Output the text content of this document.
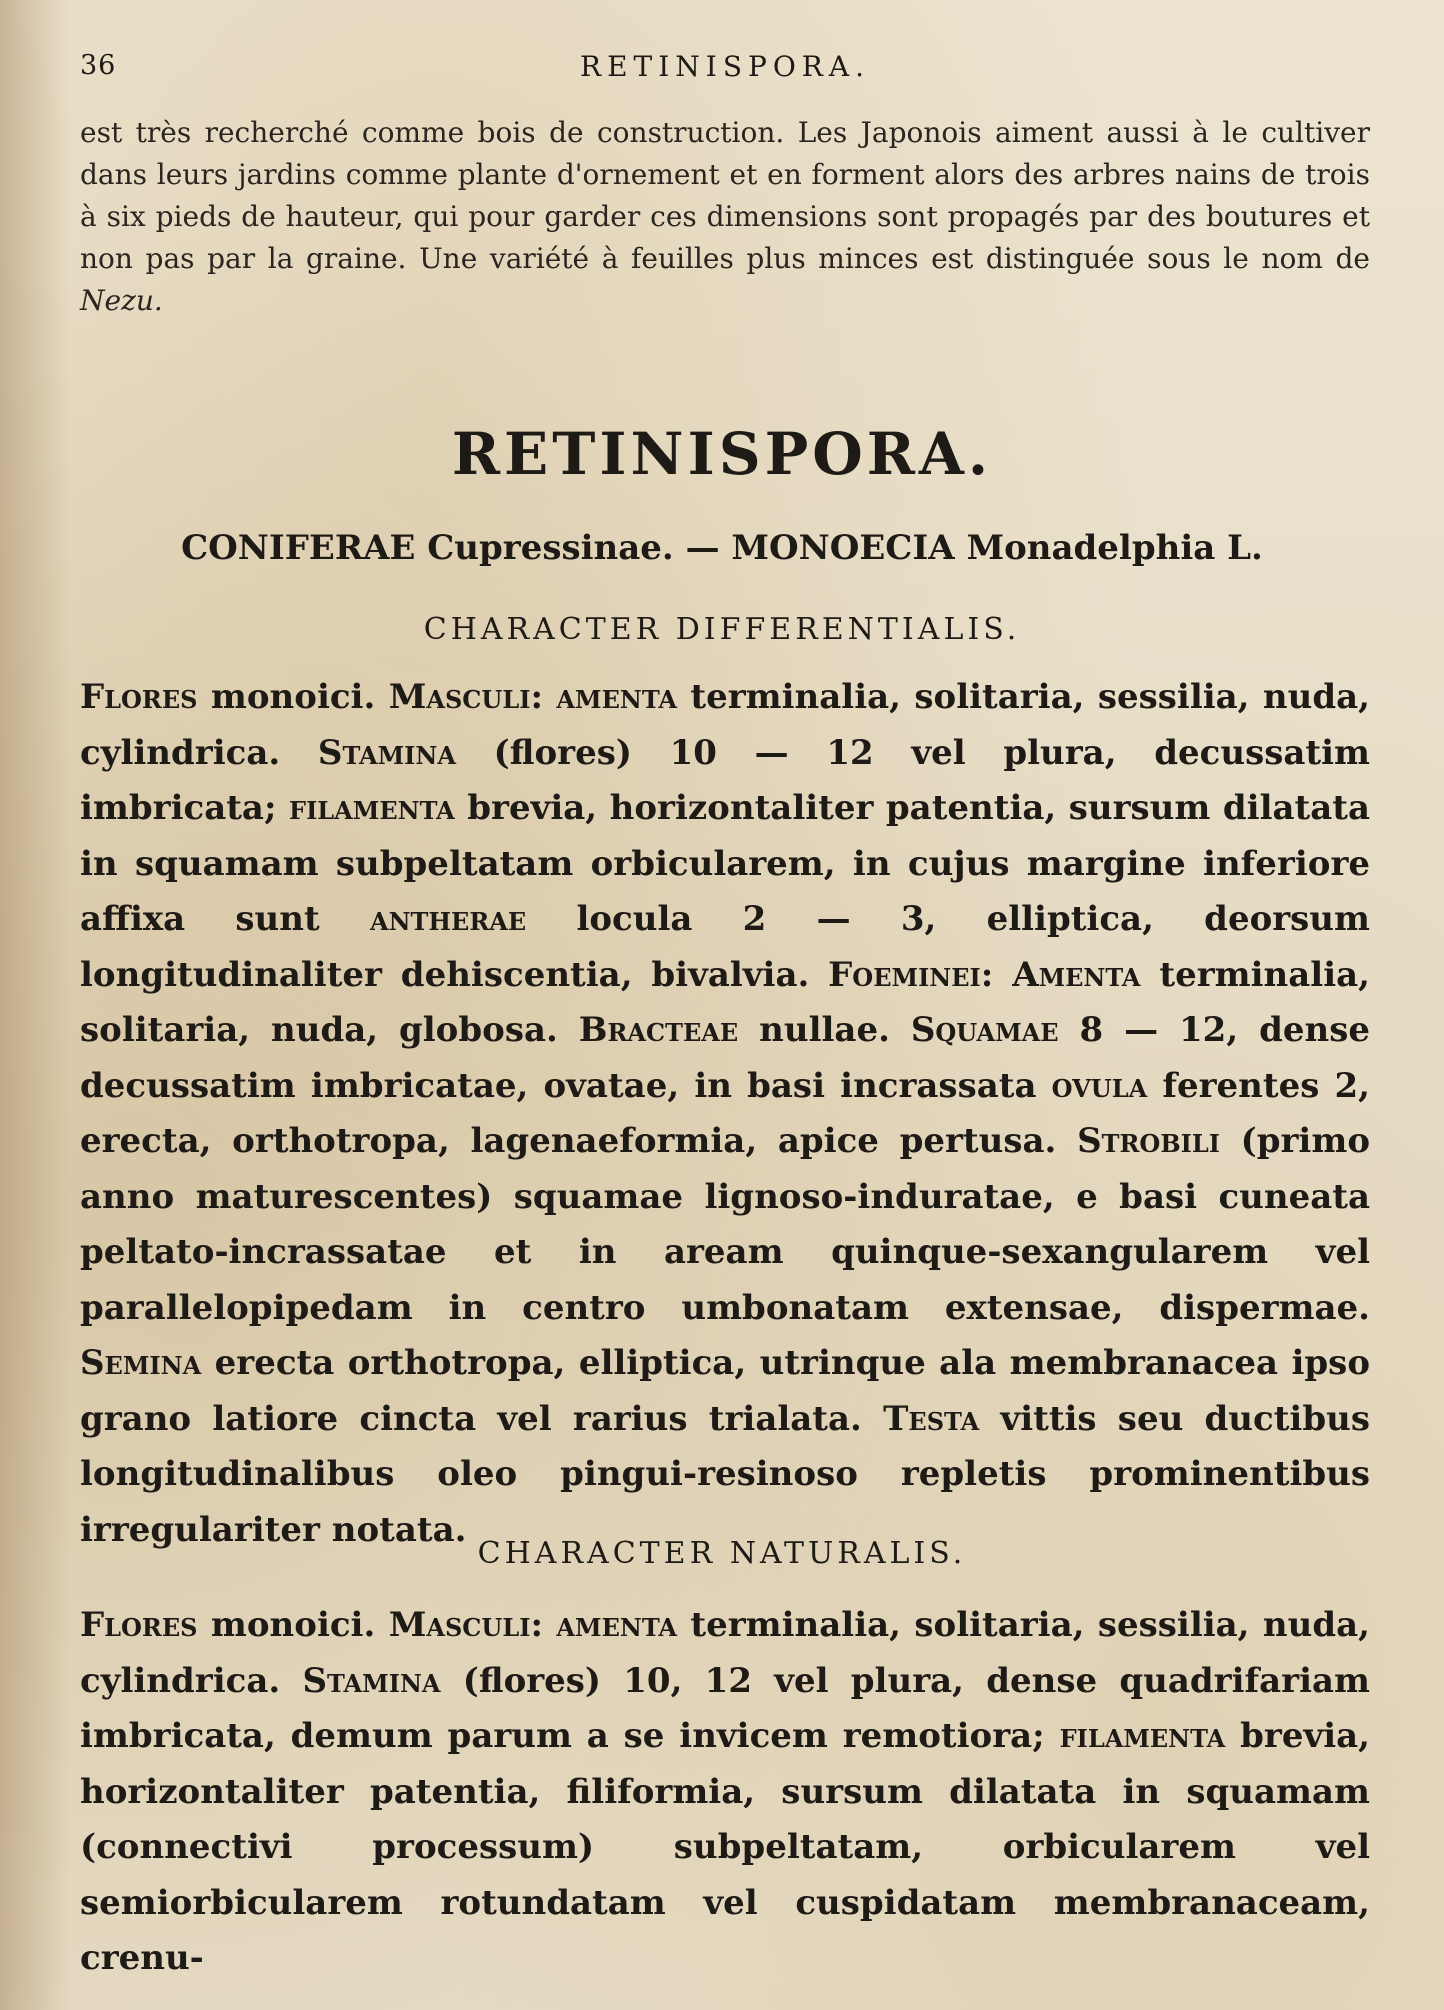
36	RETINISPORA.
est très recherché comme bois de construction. Les Japonois aiment aussi à le cultiver dans leurs jardins comme plante d'ornement et en forment alors des arbres nains de trois à six pieds de hauteur, qui pour garder ces dimensions sont propagés par des boutures et non pas par la graine. Une variété à feuilles plus minces est distinguée sous le nom de Nezu.
RETINISPORA.
CONIFERAE Cupressinae. — MONOECIA Monadelphia L.
CHARACTER DIFFERENTIALIS.
Flores monoici. Masculi: amenta terminalia, solitaria, sessilia, nuda, cylindrica. Stamina (flores) 10 — 12 vel plura, decussatim imbricata; filamenta brevia, horizontaliter patentia, sursum dilatata in squamam subpeltatam orbicularem, in cujus margine inferiore affixa sunt antherae locula 2 — 3, elliptica, deorsum longitudinaliter dehiscentia, bivalvia. Foeminei: Amenta terminalia, solitaria, nuda, globosa. Bracteae nullae. Squamae 8 — 12, dense decussatim imbricatae, ovatae, in basi incrassata ovula ferentes 2, erecta, orthotropa, lagenaeformia, apice pertusa. Strobili (primo anno maturescentes) squamae lignoso-induratae, e basi cuneata peltato-incrassatae et in aream quinque-sexangularem vel parallelopipedam in centro umbonatam extensae, dispermae. Semina erecta orthotropa, elliptica, utrinque ala membranacea ipso grano latiore cincta vel rarius trialata. Testa vittis seu ductibus longitudinalibus oleo pingui-resinoso repletis prominentibus irregulariter notata.
CHARACTER NATURALIS.
Flores monoici. Masculi: amenta terminalia, solitaria, sessilia, nuda, cylindrica. Stamina (flores) 10, 12 vel plura, dense quadrifariam imbricata, demum parum a se invicem remotiora; filamenta brevia, horizontaliter patentia, filiformia, sursum dilatata in squamam (connectivi processum) subpeltatam, orbicularem vel semiorbicularem rotundatam vel cuspidatam membranaceam, crenu-
